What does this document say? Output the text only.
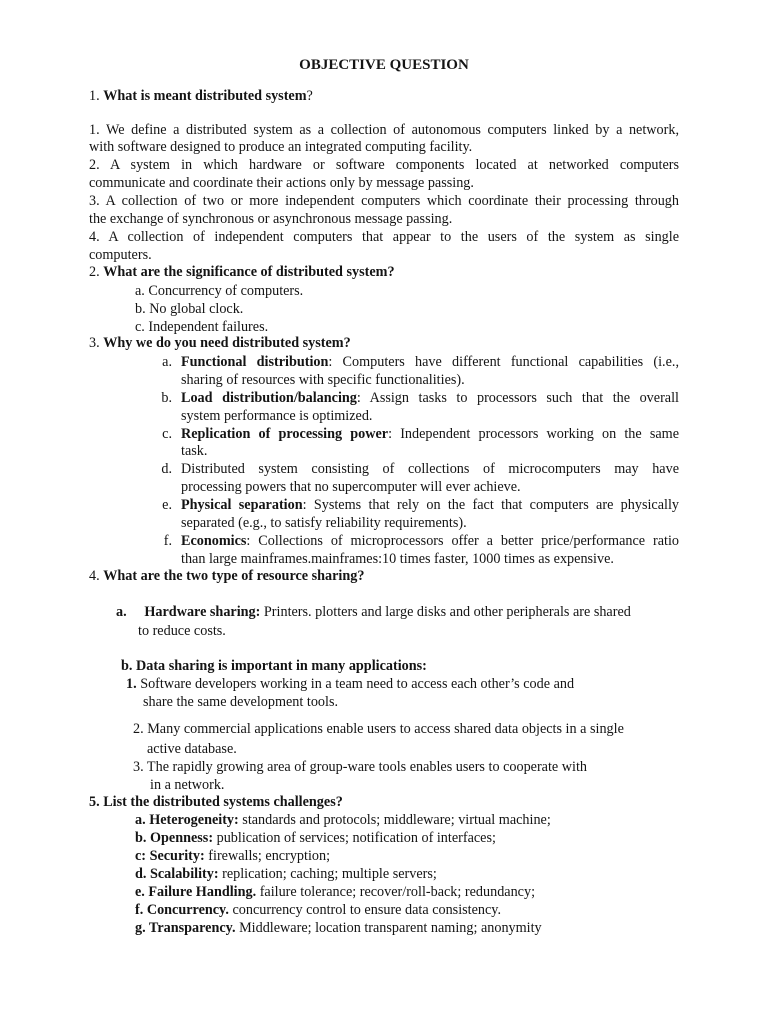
OBJECTIVE QUESTION
1. What is meant distributed system?
1. We define a distributed system as a collection of autonomous computers linked by a network,
with software designed to produce an integrated computing facility.
2. A system in which hardware or software components located at networked computers
communicate and coordinate their actions only by message passing.
3. A collection of two or more independent computers which coordinate their processing through
the exchange of synchronous or asynchronous message passing.
4. A collection of independent computers that appear to the users of the system as single
computers.
2. What are the significance of distributed system?
a. Concurrency of computers.
b. No global clock.
c. Independent failures.
3. Why we do you need distributed system?
a. Functional distribution: Computers have different functional capabilities (i.e.,
sharing of resources with specific functionalities).
b. Load distribution/balancing: Assign tasks to processors such that the overall
system performance is optimized.
c. Replication of processing power: Independent processors working on the same
task.
d. Distributed system consisting of collections of microcomputers may have
processing powers that no supercomputer will ever achieve.
e. Physical separation: Systems that rely on the fact that computers are physically
separated (e.g., to satisfy reliability requirements).
f. Economics: Collections of microprocessors offer a better price/performance ratio
than large mainframes.mainframes:10 times faster, 1000 times as expensive.
4. What are the two type of resource sharing?
a. Hardware sharing: Printers. plotters and large disks and other peripherals are shared
to reduce costs.
b. Data sharing is important in many applications:
1. Software developers working in a team need to access each other’s code and
share the same development tools.
2. Many commercial applications enable users to access shared data objects in a single
active database.
3. The rapidly growing area of group-ware tools enables users to cooperate with
in a network.
5. List the distributed systems challenges?
a. Heterogeneity: standards and protocols; middleware; virtual machine;
b. Openness: publication of services; notification of interfaces;
c: Security: firewalls; encryption;
d. Scalability: replication; caching; multiple servers;
e. Failure Handling. failure tolerance; recover/roll-back; redundancy;
f. Concurrency. concurrency control to ensure data consistency.
g. Transparency. Middleware; location transparent naming; anonymity
